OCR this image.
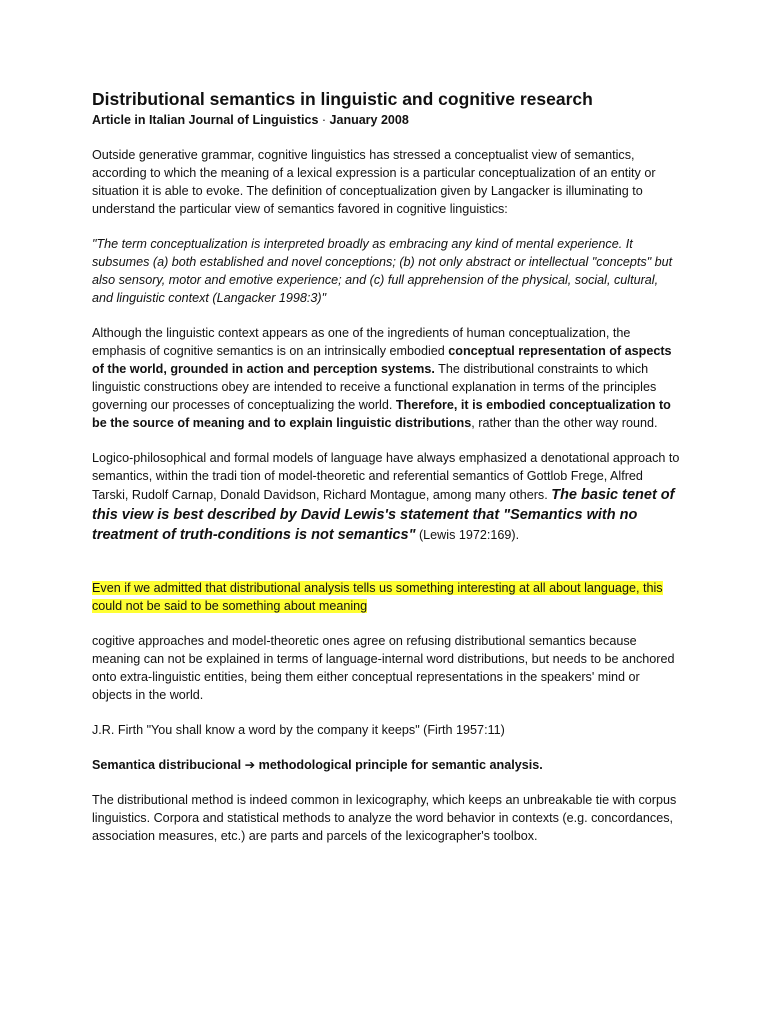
Distributional semantics in linguistic and cognitive research
Article in Italian Journal of Linguistics · January 2008

Outside generative grammar, cognitive linguistics has stressed a conceptualist view of semantics, according to which the meaning of a lexical expression is a particular conceptualization of an entity or situation it is able to evoke. The definition of conceptualization given by Langacker is illuminating to understand the particular view of semantics favored in cognitive linguistics:

"The term conceptualization is interpreted broadly as embracing any kind of mental experience. It subsumes (a) both established and novel conceptions; (b) not only abstract or intellectual "concepts" but also sensory, motor and emotive experience; and (c) full apprehension of the physical, social, cultural, and linguistic context (Langacker 1998:3)"

Although the linguistic context appears as one of the ingredients of human conceptualization, the emphasis of cognitive semantics is on an intrinsically embodied conceptual representation of aspects of the world, grounded in action and perception systems. The distributional constraints to which linguistic constructions obey are intended to receive a functional explanation in terms of the principles governing our processes of conceptualizing the world. Therefore, it is embodied conceptualization to be the source of meaning and to explain linguistic distributions, rather than the other way round.

Logico-philosophical and formal models of language have always emphasized a denotational approach to semantics, within the tradi tion of model-theoretic and referential semantics of Gottlob Frege, Alfred Tarski, Rudolf Carnap, Donald Davidson, Richard Montague, among many others. The basic tenet of this view is best described by David Lewis's statement that "Semantics with no treatment of truth-conditions is not semantics" (Lewis 1972:169).

Even if we admitted that distributional analysis tells us something interesting at all about language, this could not be said to be something about meaning

cogitive approaches and model-theoretic ones agree on refusing distributional semantics because meaning can not be explained in terms of language-internal word distributions, but needs to be anchored onto extra-linguistic entities, being them either conceptual representations in the speakers' mind or objects in the world.

J.R. Firth "You shall know a word by the company it keeps" (Firth 1957:11)

Semantica distribucional ➔ methodological principle for semantic analysis.

The distributional method is indeed common in lexicography, which keeps an unbreakable tie with corpus linguistics. Corpora and statistical methods to analyze the word behavior in contexts (e.g. concordances, association measures, etc.) are parts and parcels of the lexicographer's toolbox.
